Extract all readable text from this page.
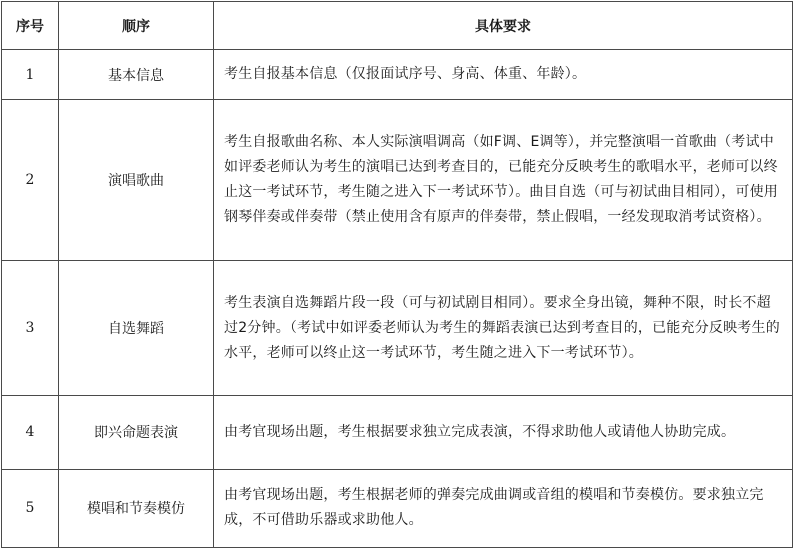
序号	顺序	具体要求
1	基本信息	考生自报基本信息（仅报面试序号、身高、体重、年龄）。

2	演唱歌曲	考生自报歌曲名称、本人实际演唱调高（如F调、E调等），并完整演唱一首歌曲（考试中如评委老师认为考生的演唱已达到考查目的，已能充分反映考生的歌唱水平，老师可以终止这一考试环节，考生随之进入下一考试环节）。曲目自选（可与初试曲目相同），可使用钢琴伴奏或伴奏带（禁止使用含有原声的伴奏带，禁止假唱，一经发现取消考试资格）。

3	自选舞蹈	考生表演自选舞蹈片段一段（可与初试剧目相同）。要求全身出镜，舞种不限，时长不超过2分钟。（考试中如评委老师认为考生的舞蹈表演已达到考查目的，已能充分反映考生的水平，老师可以终止这一考试环节，考生随之进入下一考试环节）。

4	即兴命题表演	由考官现场出题，考生根据要求独立完成表演，不得求助他人或请他人协助完成。

5	模唱和节奏模仿	由考官现场出题，考生根据老师的弹奏完成曲调或音组的模唱和节奏模仿。要求独立完成，不可借助乐器或求助他人。
